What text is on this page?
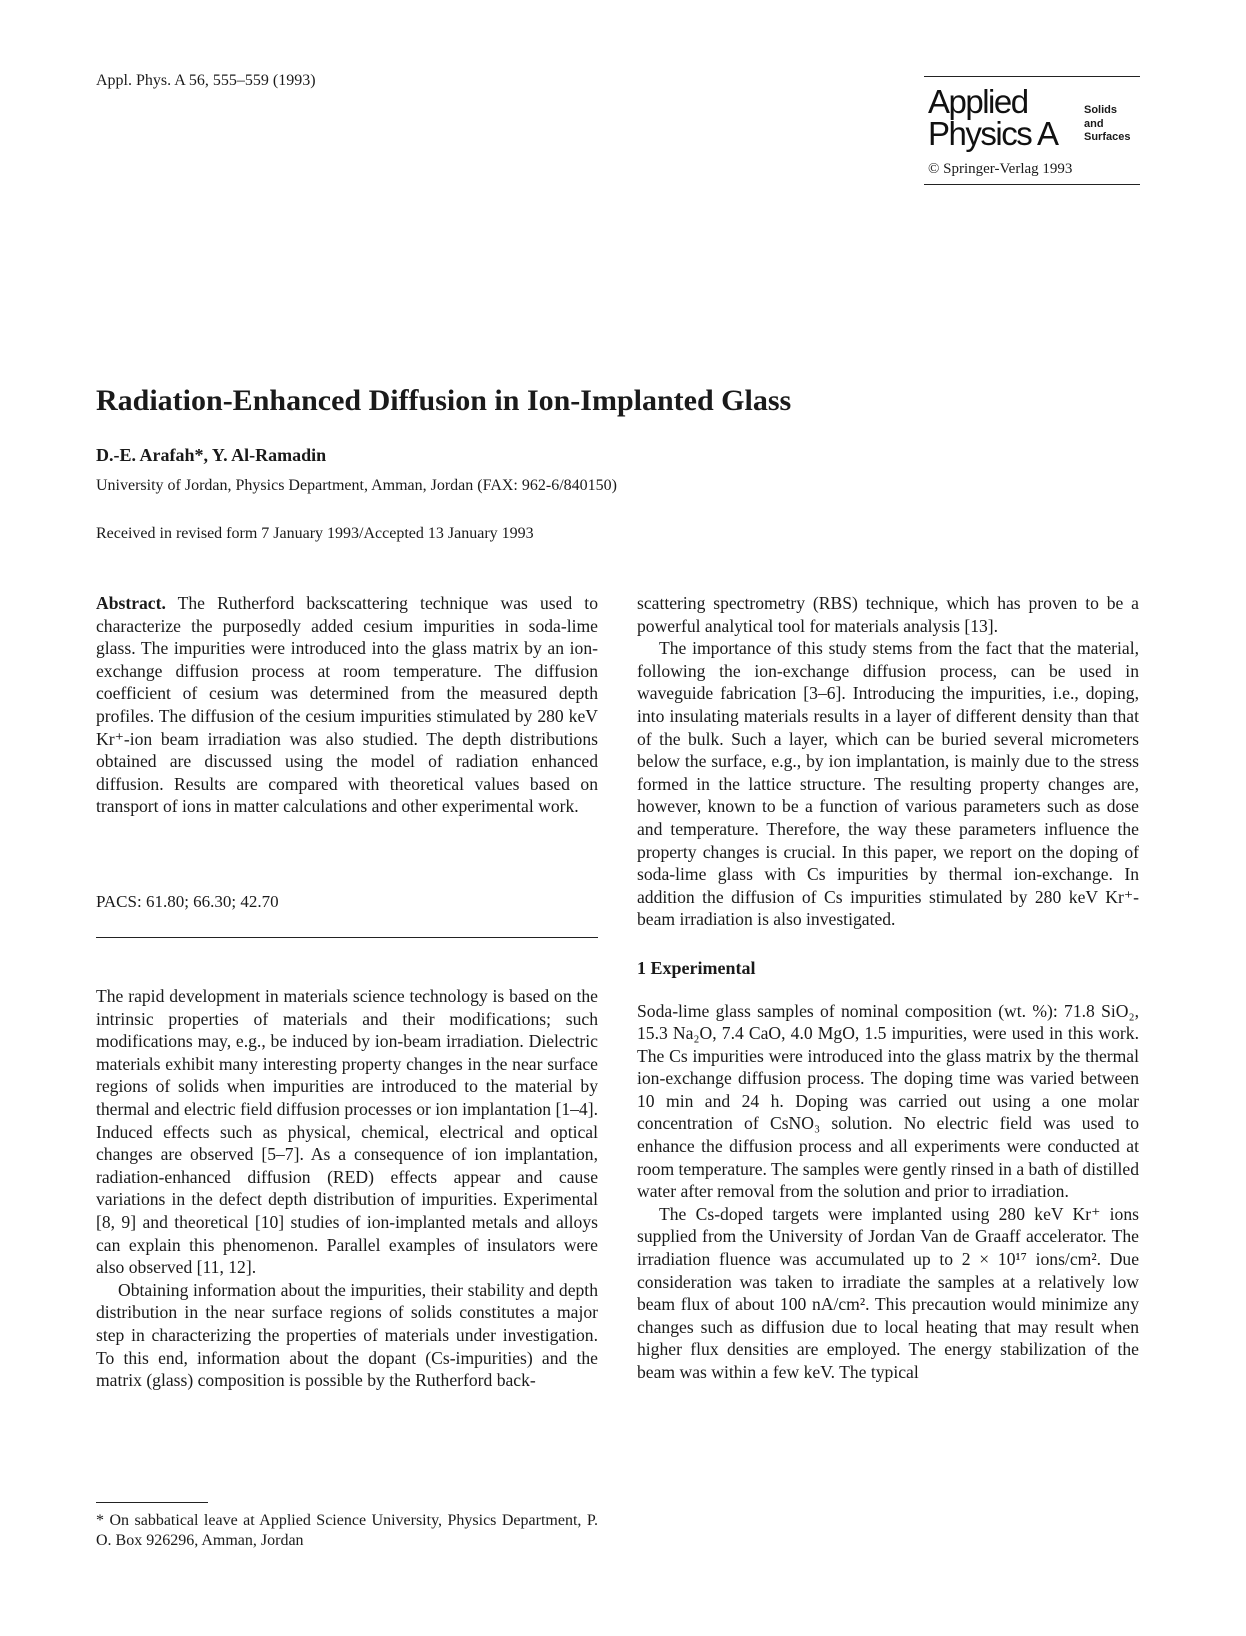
Appl. Phys. A 56, 555–559 (1993)
Applied
Physics A
Solids
and
Surfaces
© Springer-Verlag 1993
Radiation-Enhanced Diffusion in Ion-Implanted Glass
D.-E. Arafah*, Y. Al-Ramadin
University of Jordan, Physics Department, Amman, Jordan (FAX: 962-6/840150)
Received in revised form 7 January 1993/Accepted 13 January 1993

Abstract. The Rutherford backscattering technique was used to characterize the purposedly added cesium impurities in soda-lime glass. The impurities were introduced into the glass matrix by an ion-exchange diffusion process at room temperature. The diffusion coefficient of cesium was determined from the measured depth profiles. The diffusion of the cesium impurities stimulated by 280 keV Kr⁺-ion beam irradiation was also studied. The depth distributions obtained are discussed using the model of radiation enhanced diffusion. Results are compared with theoretical values based on transport of ions in matter calculations and other experimental work.

PACS: 61.80; 66.30; 42.70

The rapid development in materials science technology is based on the intrinsic properties of materials and their modifications; such modifications may, e.g., be induced by ion-beam irradiation. Dielectric materials exhibit many interesting property changes in the near surface regions of solids when impurities are introduced to the material by thermal and electric field diffusion processes or ion implantation [1–4]. Induced effects such as physical, chemical, electrical and optical changes are observed [5–7]. As a consequence of ion implantation, radiation-enhanced diffusion (RED) effects appear and cause variations in the defect depth distribution of impurities. Experimental [8, 9] and theoretical [10] studies of ion-implanted metals and alloys can explain this phenomenon. Parallel examples of insulators were also observed [11, 12].

Obtaining information about the impurities, their stability and depth distribution in the near surface regions of solids constitutes a major step in characterizing the properties of materials under investigation. To this end, information about the dopant (Cs-impurities) and the matrix (glass) composition is possible by the Rutherford back-

scattering spectrometry (RBS) technique, which has proven to be a powerful analytical tool for materials analysis [13].

The importance of this study stems from the fact that the material, following the ion-exchange diffusion process, can be used in waveguide fabrication [3–6]. Introducing the impurities, i.e., doping, into insulating materials results in a layer of different density than that of the bulk. Such a layer, which can be buried several micrometers below the surface, e.g., by ion implantation, is mainly due to the stress formed in the lattice structure. The resulting property changes are, however, known to be a function of various parameters such as dose and temperature. Therefore, the way these parameters influence the property changes is crucial. In this paper, we report on the doping of soda-lime glass with Cs impurities by thermal ion-exchange. In addition the diffusion of Cs impurities stimulated by 280 keV Kr⁺-beam irradiation is also investigated.

1 Experimental

Soda-lime glass samples of nominal composition (wt. %): 71.8 SiO₂, 15.3 Na₂O, 7.4 CaO, 4.0 MgO, 1.5 impurities, were used in this work. The Cs impurities were introduced into the glass matrix by the thermal ion-exchange diffusion process. The doping time was varied between 10 min and 24 h. Doping was carried out using a one molar concentration of CsNO₃ solution. No electric field was used to enhance the diffusion process and all experiments were conducted at room temperature. The samples were gently rinsed in a bath of distilled water after removal from the solution and prior to irradiation.

The Cs-doped targets were implanted using 280 keV Kr⁺ ions supplied from the University of Jordan Van de Graaff accelerator. The irradiation fluence was accumulated up to 2 × 10¹⁷ ions/cm². Due consideration was taken to irradiate the samples at a relatively low beam flux of about 100 nA/cm². This precaution would minimize any changes such as diffusion due to local heating that may result when higher flux densities are employed. The energy stabilization of the beam was within a few keV. The typical

* On sabbatical leave at Applied Science University, Physics Department, P. O. Box 926296, Amman, Jordan
